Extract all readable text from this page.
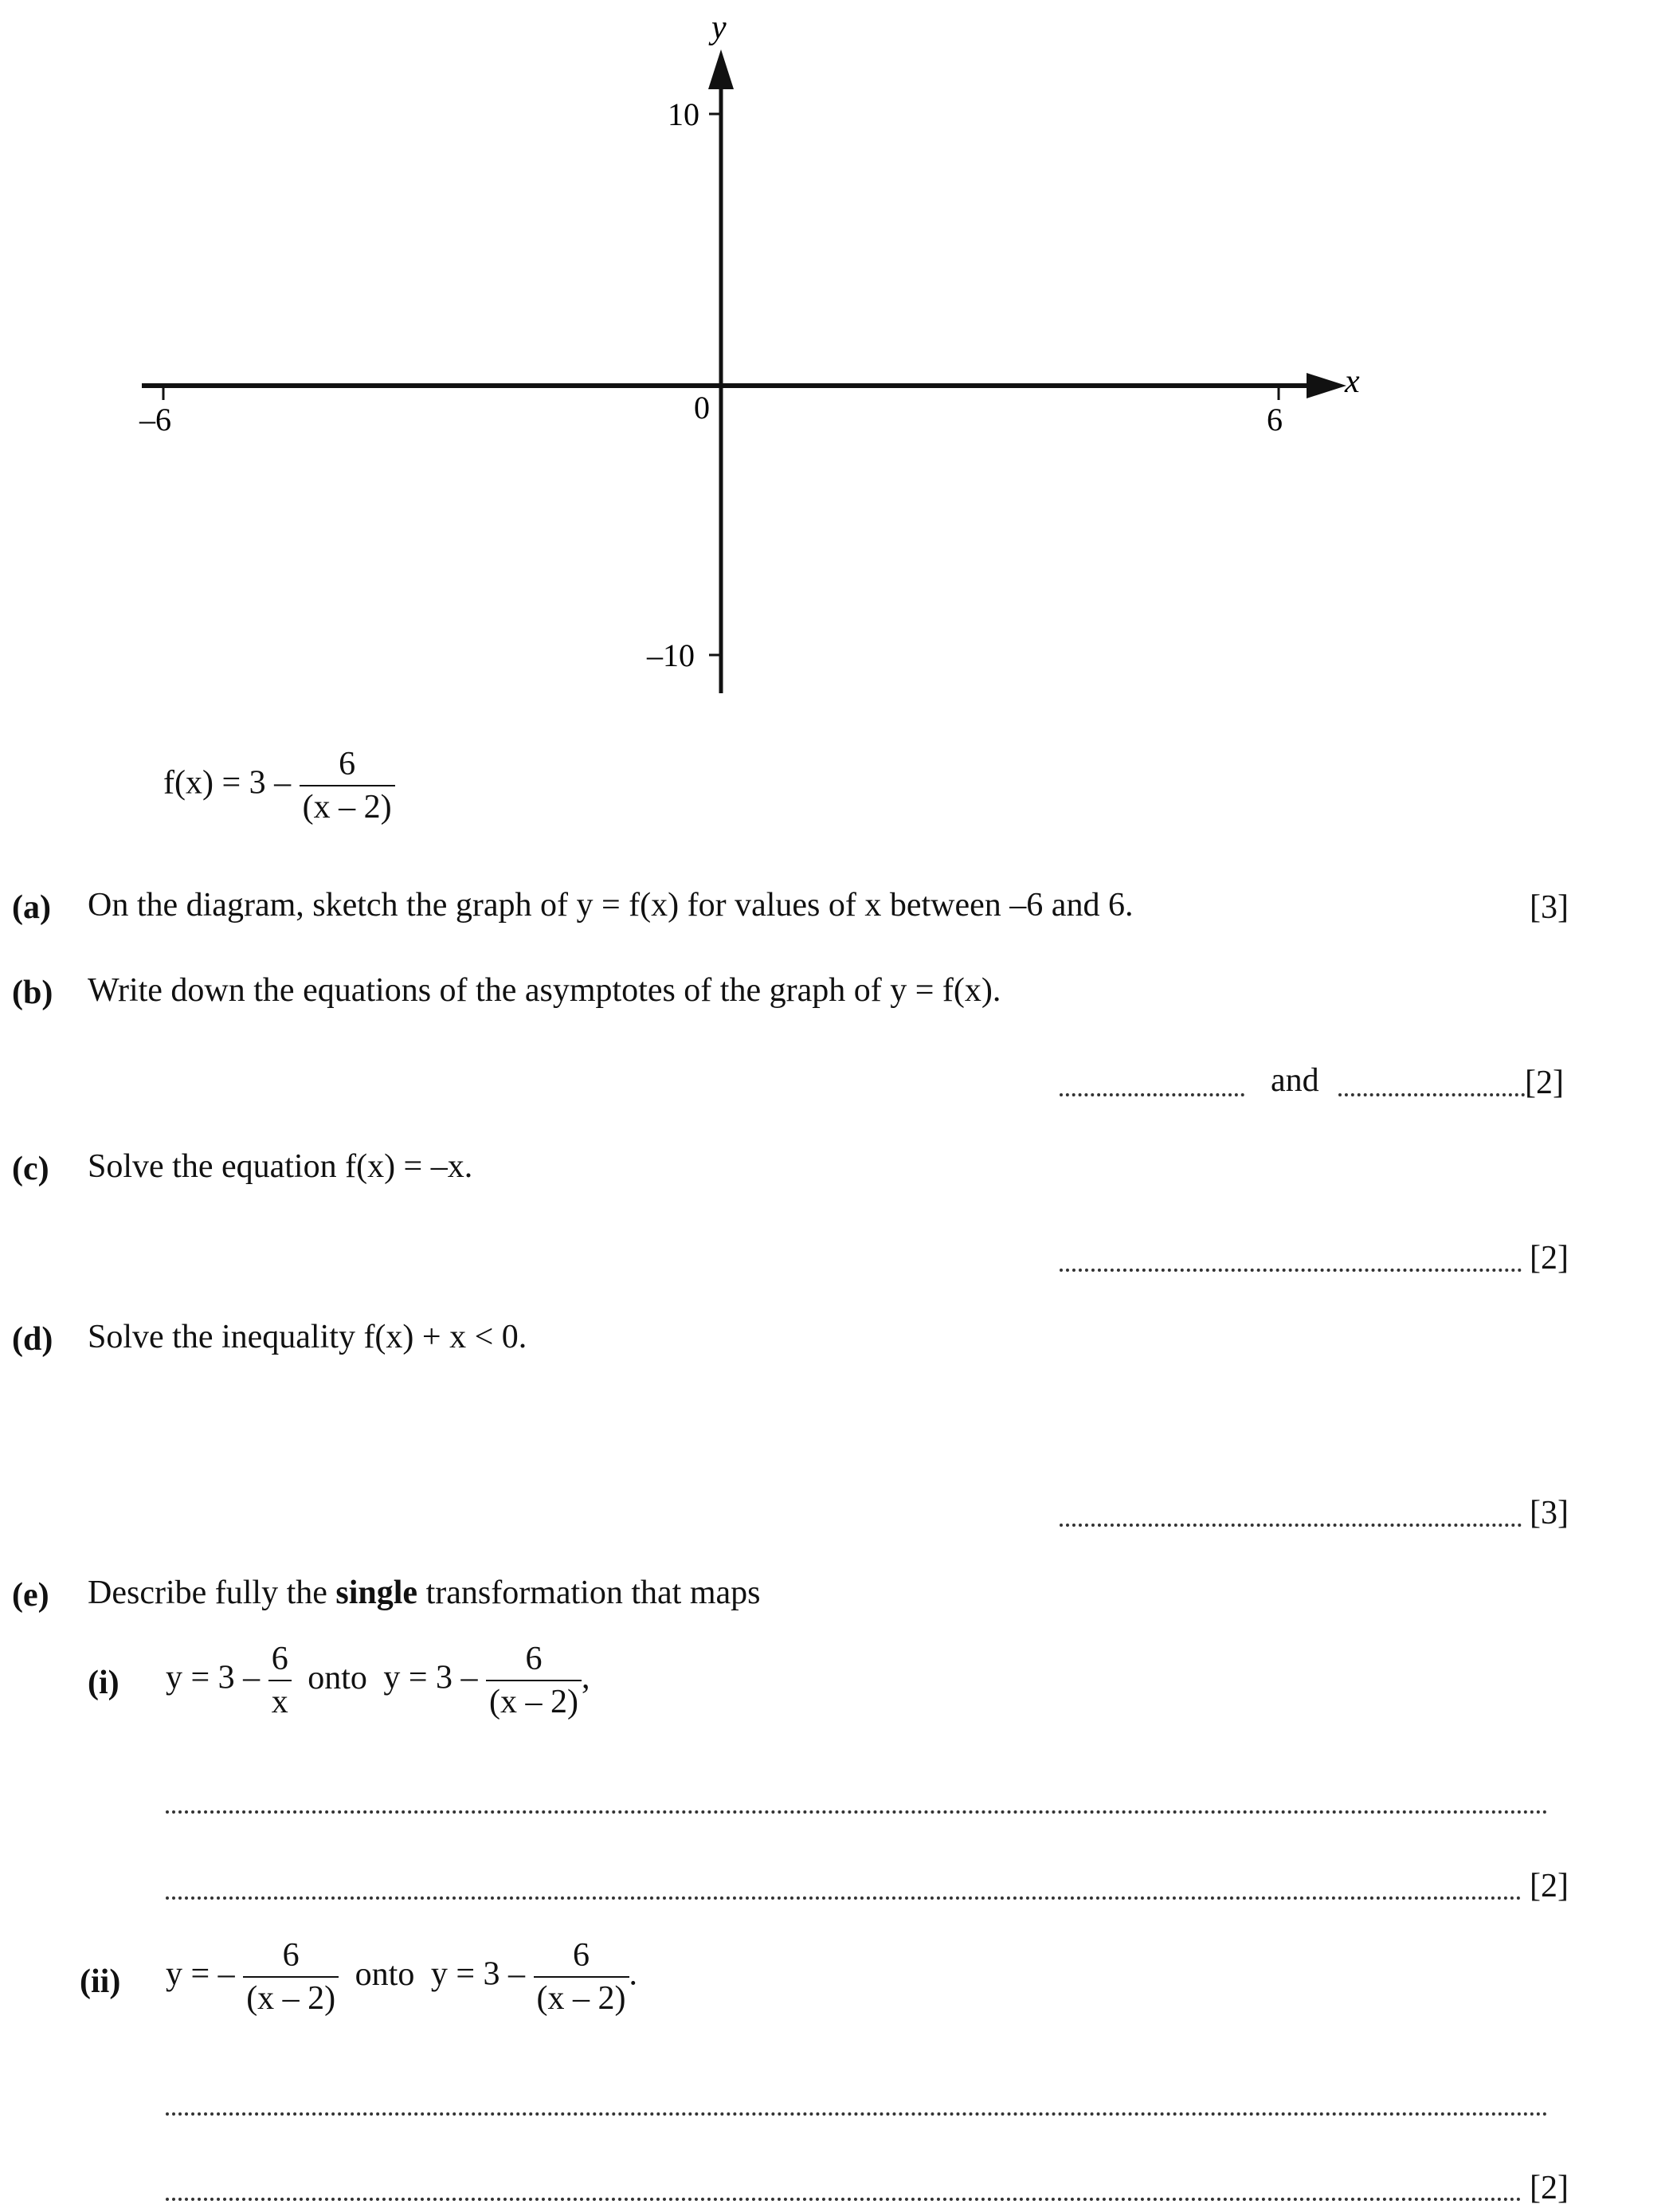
y
x
–6	0	6
10
–10
$f(x) = 3 - \frac{6}{(x - 2)}$
(a) On the diagram, sketch the graph of y = f(x) for values of x between –6 and 6.	[3]
(b) Write down the equations of the asymptotes of the graph of y = f(x).
and	[2]
(c) Solve the equation f(x) = –x.
[2]
(d) Solve the inequality f(x) + x < 0.
[3]
(e) Describe fully the single transformation that maps
(i) $y = 3 - \frac{6}{x}$ onto $y = 3 - \frac{6}{(x - 2)}$ ,
[2]
(ii) y = – $\frac{6}{(x - 2)}$ onto $y = 3 - \frac{6}{(x - 2)}$ .
[2]
